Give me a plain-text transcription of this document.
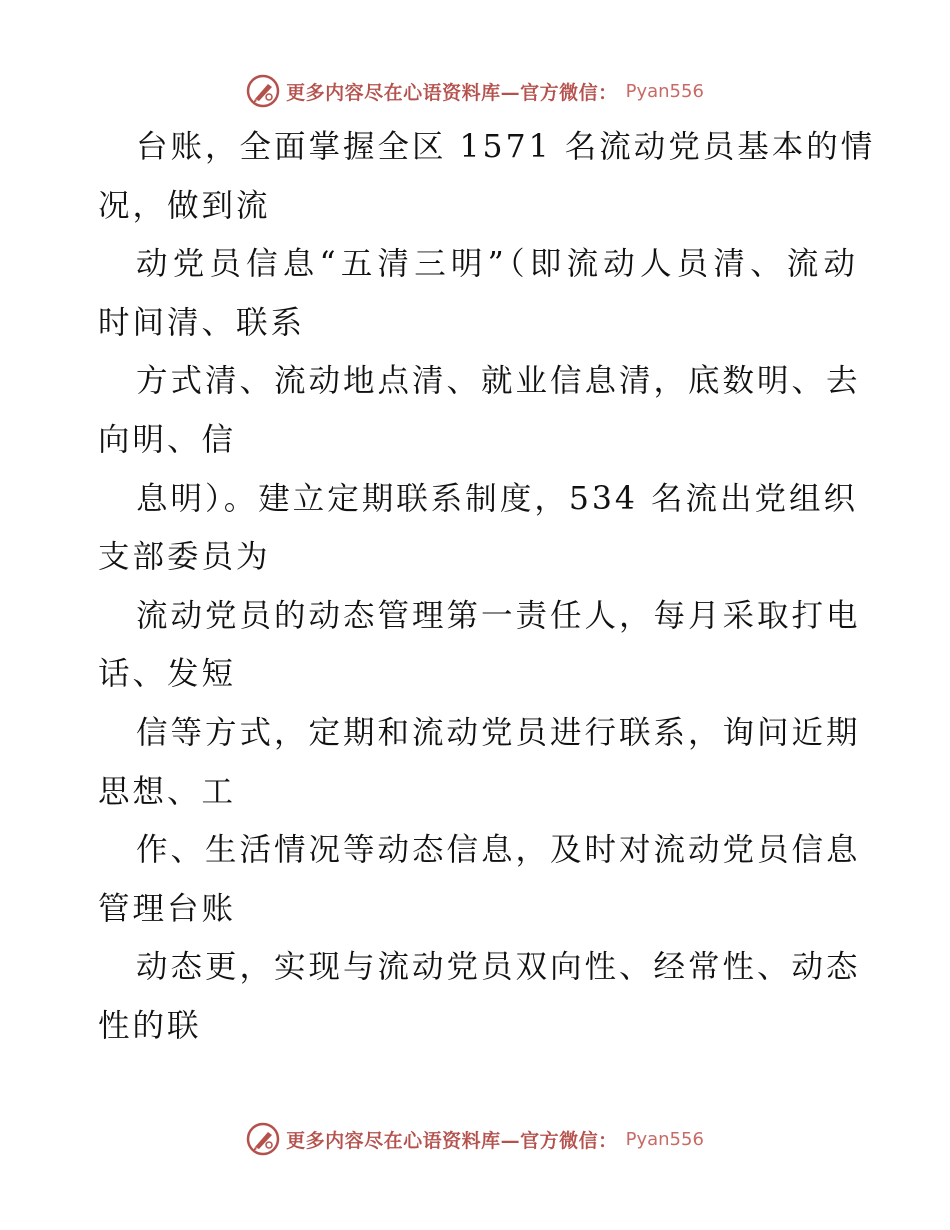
更多内容尽在心语资料库—官方微信： Pyan556
台账，全面掌握全区 1571 名流动党员基本的情
况，做到流
动党员信息“五清三明”（即流动人员清、流动
时间清、联系
方式清、流动地点清、就业信息清，底数明、去
向明、信
息明）。建立定期联系制度，534 名流出党组织
支部委员为
流动党员的动态管理第一责任人，每月采取打电
话、发短
信等方式，定期和流动党员进行联系，询问近期
思想、工
作、生活情况等动态信息，及时对流动党员信息
管理台账
动态更，实现与流动党员双向性、经常性、动态
性的联
更多内容尽在心语资料库—官方微信： Pyan556
